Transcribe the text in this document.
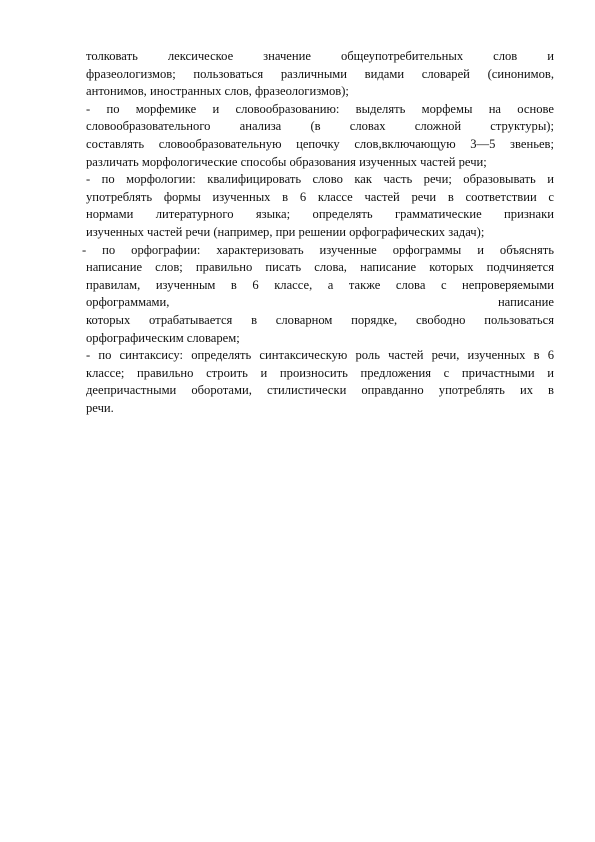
толковать лексическое значение общеупотребительных слов и
фразеологизмов; пользоваться различными видами словарей (синонимов,
антонимов, иностранных слов, фразеологизмов);
- по морфемике и словообразованию: выделять морфемы на основе
словообразовательного анализа (в словах сложной структуры);
составлять словообразовательную цепочку слов,включающую 3—5 звеньев;
различать морфологические способы образования изученных частей речи;
- по морфологии: квалифицировать слово как часть речи; образовывать и
употреблять формы изученных в 6 классе частей речи в соответствии с
нормами литературного языка; определять грамматические признаки
изученных частей речи (например, при решении орфографических задач);
- по орфографии: характеризовать изученные орфограммы и объяснять
написание слов; правильно писать слова, написание которых подчиняется
правилам, изученным в 6 классе, а также слова с непроверяемыми
орфограммами, написание
которых отрабатывается в словарном порядке, свободно пользоваться
орфографическим словарем;
- по синтаксису: определять синтаксическую роль частей речи, изученных в 6
классе; правильно строить и произносить предложения с причастными и
деепричастными оборотами, стилистически оправданно употреблять их в
речи.
